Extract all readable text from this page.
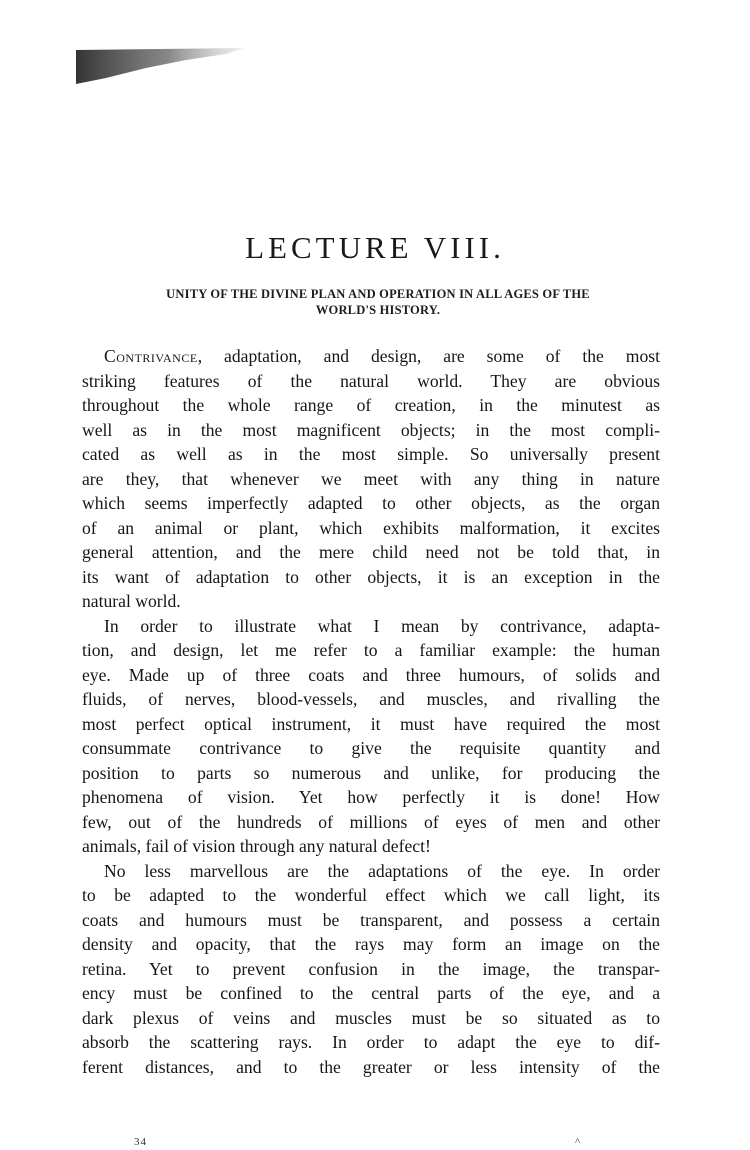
LECTURE VIII.
UNITY OF THE DIVINE PLAN AND OPERATION IN ALL AGES OF THE
WORLD'S HISTORY.
Contrivance, adaptation, and design, are some of the most
striking features of the natural world. They are obvious
throughout the whole range of creation, in the minutest as
well as in the most magnificent objects; in the most compli-
cated as well as in the most simple. So universally present
are they, that whenever we meet with any thing in nature
which seems imperfectly adapted to other objects, as the organ
of an animal or plant, which exhibits malformation, it excites
general attention, and the mere child need not be told that, in
its want of adaptation to other objects, it is an exception in the
natural world.
In order to illustrate what I mean by contrivance, adapta-
tion, and design, let me refer to a familiar example: the human
eye. Made up of three coats and three humours, of solids and
fluids, of nerves, blood-vessels, and muscles, and rivalling the
most perfect optical instrument, it must have required the most
consummate contrivance to give the requisite quantity and
position to parts so numerous and unlike, for producing the
phenomena of vision. Yet how perfectly it is done! How
few, out of the hundreds of millions of eyes of men and other
animals, fail of vision through any natural defect!
No less marvellous are the adaptations of the eye. In order
to be adapted to the wonderful effect which we call light, its
coats and humours must be transparent, and possess a certain
density and opacity, that the rays may form an image on the
retina. Yet to prevent confusion in the image, the transpar-
ency must be confined to the central parts of the eye, and a
dark plexus of veins and muscles must be so situated as to
absorb the scattering rays. In order to adapt the eye to dif-
ferent distances, and to the greater or less intensity of the
34	^
